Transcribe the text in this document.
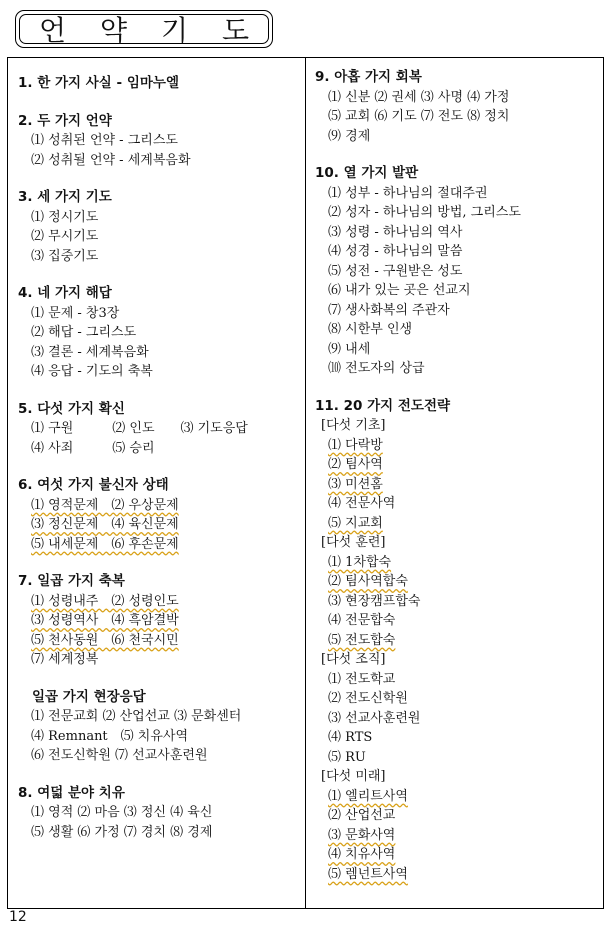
언 약 기 도
1. 한 가지 사실 - 임마누엘
2. 두 가지 언약
⑴ 성취된 언약 - 그리스도
⑵ 성취될 언약 - 세계복음화
3. 세 가지 기도
⑴ 정시기도
⑵ 무시기도
⑶ 집중기도
4. 네 가지 해답
⑴ 문제 - 창3장
⑵ 해답 - 그리스도
⑶ 결론 - 세계복음화
⑷ 응답 - 기도의 축복
5. 다섯 가지 확신
⑴ 구원　　　⑵ 인도　　⑶ 기도응답
⑷ 사죄　　　⑸ 승리
6. 여섯 가지 불신자 상태
⑴ 영적문제　⑵ 우상문제
⑶ 정신문제　⑷ 육신문제
⑸ 내세문제　⑹ 후손문제
7. 일곱 가지 축복
⑴ 성령내주　⑵ 성령인도
⑶ 성령역사　⑷ 흑암결박
⑸ 천사동원　⑹ 천국시민
⑺ 세계정복
일곱 가지 현장응답
⑴ 전문교회 ⑵ 산업선교 ⑶ 문화센터
⑷ Remnant　⑸ 치유사역
⑹ 전도신학원 ⑺ 선교사훈련원
8. 여덟 분야 치유
⑴ 영적 ⑵ 마음 ⑶ 정신 ⑷ 육신
⑸ 생활 ⑹ 가정 ⑺ 경치 ⑻ 경제
9. 아홉 가지 회복
⑴ 신분 ⑵ 권세 ⑶ 사명 ⑷ 가정
⑸ 교회 ⑹ 기도 ⑺ 전도 ⑻ 정치
⑼ 경제
10. 열 가지 발판
⑴ 성부 - 하나님의 절대주권
⑵ 성자 - 하나님의 방법, 그리스도
⑶ 성령 - 하나님의 역사
⑷ 성경 - 하나님의 말씀
⑸ 성전 - 구원받은 성도
⑹ 내가 있는 곳은 선교지
⑺ 생사화복의 주관자
⑻ 시한부 인생
⑼ 내세
⑽ 전도자의 상급
11. 20 가지 전도전략
[다섯 기초]
⑴ 다락방
⑵ 팀사역
⑶ 미션홈
⑷ 전문사역
⑸ 지교회
[다섯 훈련]
⑴ 1차합숙
⑵ 팀사역합숙
⑶ 현장캠프합숙
⑷ 전문합숙
⑸ 전도합숙
[다섯 조직]
⑴ 전도학교
⑵ 전도신학원
⑶ 선교사훈련원
⑷ RTS
⑸ RU
[다섯 미래]
⑴ 엘리트사역
⑵ 산업선교
⑶ 문화사역
⑷ 치유사역
⑸ 렘넌트사역
12
